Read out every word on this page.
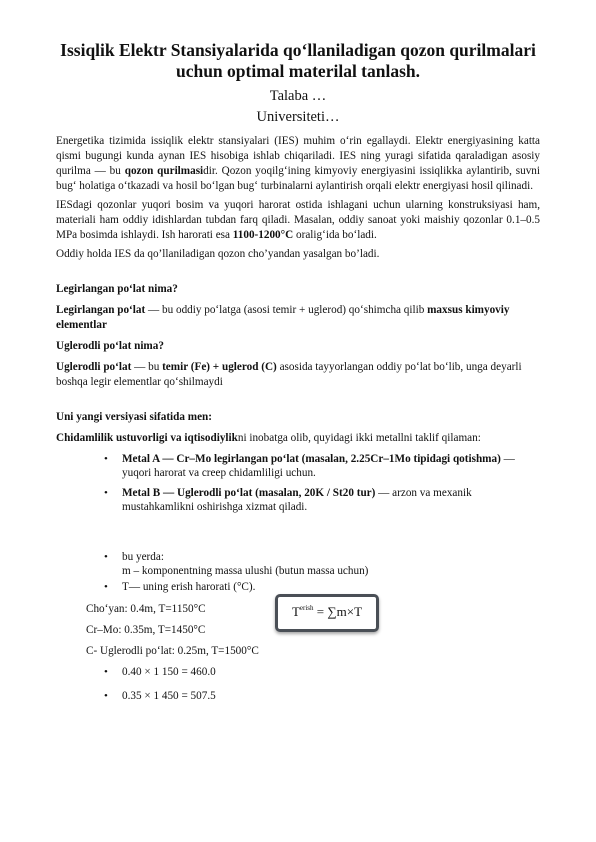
Issiqlik Elektr Stansiyalarida qo‘llaniladigan qozon qurilmalari uchun optimal materilal tanlash.
Talaba …
Universiteti…

Energetika tizimida issiqlik elektr stansiyalari (IES) muhim o‘rin egallaydi. Elektr energiyasining katta qismi bugungi kunda aynan IES hisobiga ishlab chiqariladi. IES ning yuragi sifatida qaraladigan asosiy qurilma — bu qozon qurilmasidir. Qozon yoqilg‘ining kimyoviy energiyasini issiqlikka aylantirib, suvni bug‘ holatiga o‘tkazadi va hosil bo‘lgan bug‘ turbinalarni aylantirish orqali elektr energiyasi hosil qilinadi.

IESdagi qozonlar yuqori bosim va yuqori harorat ostida ishlagani uchun ularning konstruksiyasi ham, materiali ham oddiy idishlardan tubdan farq qiladi. Masalan, oddiy sanoat yoki maishiy qozonlar 0.1–0.5 MPa bosimda ishlaydi. Ish harorati esa 1100-1200°C oralig‘ida bo‘ladi.

Oddiy holda IES da qo’llaniladigan qozon cho’yandan yasalgan bo’ladi.

Legirlangan po‘lat nima?

Legirlangan po‘lat — bu oddiy po‘latga (asosi temir + uglerod) qo‘shimcha qilib maxsus kimyoviy elementlar

Uglerodli po‘lat nima?

Uglerodli po‘lat — bu temir (Fe) + uglerod (C) asosida tayyorlangan oddiy po‘lat bo‘lib, unga deyarli boshqa legir elementlar qo‘shilmaydi

Uni yangi versiyasi sifatida men:

Chidamlilik ustuvorligi va iqtisodiylikni inobatga olib, quyidagi ikki metallni taklif qilaman:

• Metal A — Cr–Mo legirlangan po‘lat (masalan, 2.25Cr–1Mo tipidagi qotishma) — yuqori harorat va creep chidamliligi uchun.
• Metal B — Uglerodli po‘lat (masalan, 20K / St20 tur) — arzon va mexanik mustahkamlikni oshirishga xizmat qiladi.
• bu yerda:
m – komponentning massa ulushi (butun massa uchun)
• T— uning erish harorati (°C).
Cho‘yan: 0.4m, T=1150°C
Cr–Mo: 0.35m, T=1450°C
C- Uglerodli po‘lat: 0.25m, T=1500°C
• 0.40 × 1 150 = 460.0
• 0.35 × 1 450 = 507.5
$T^{erish} = \sum m\times T$
